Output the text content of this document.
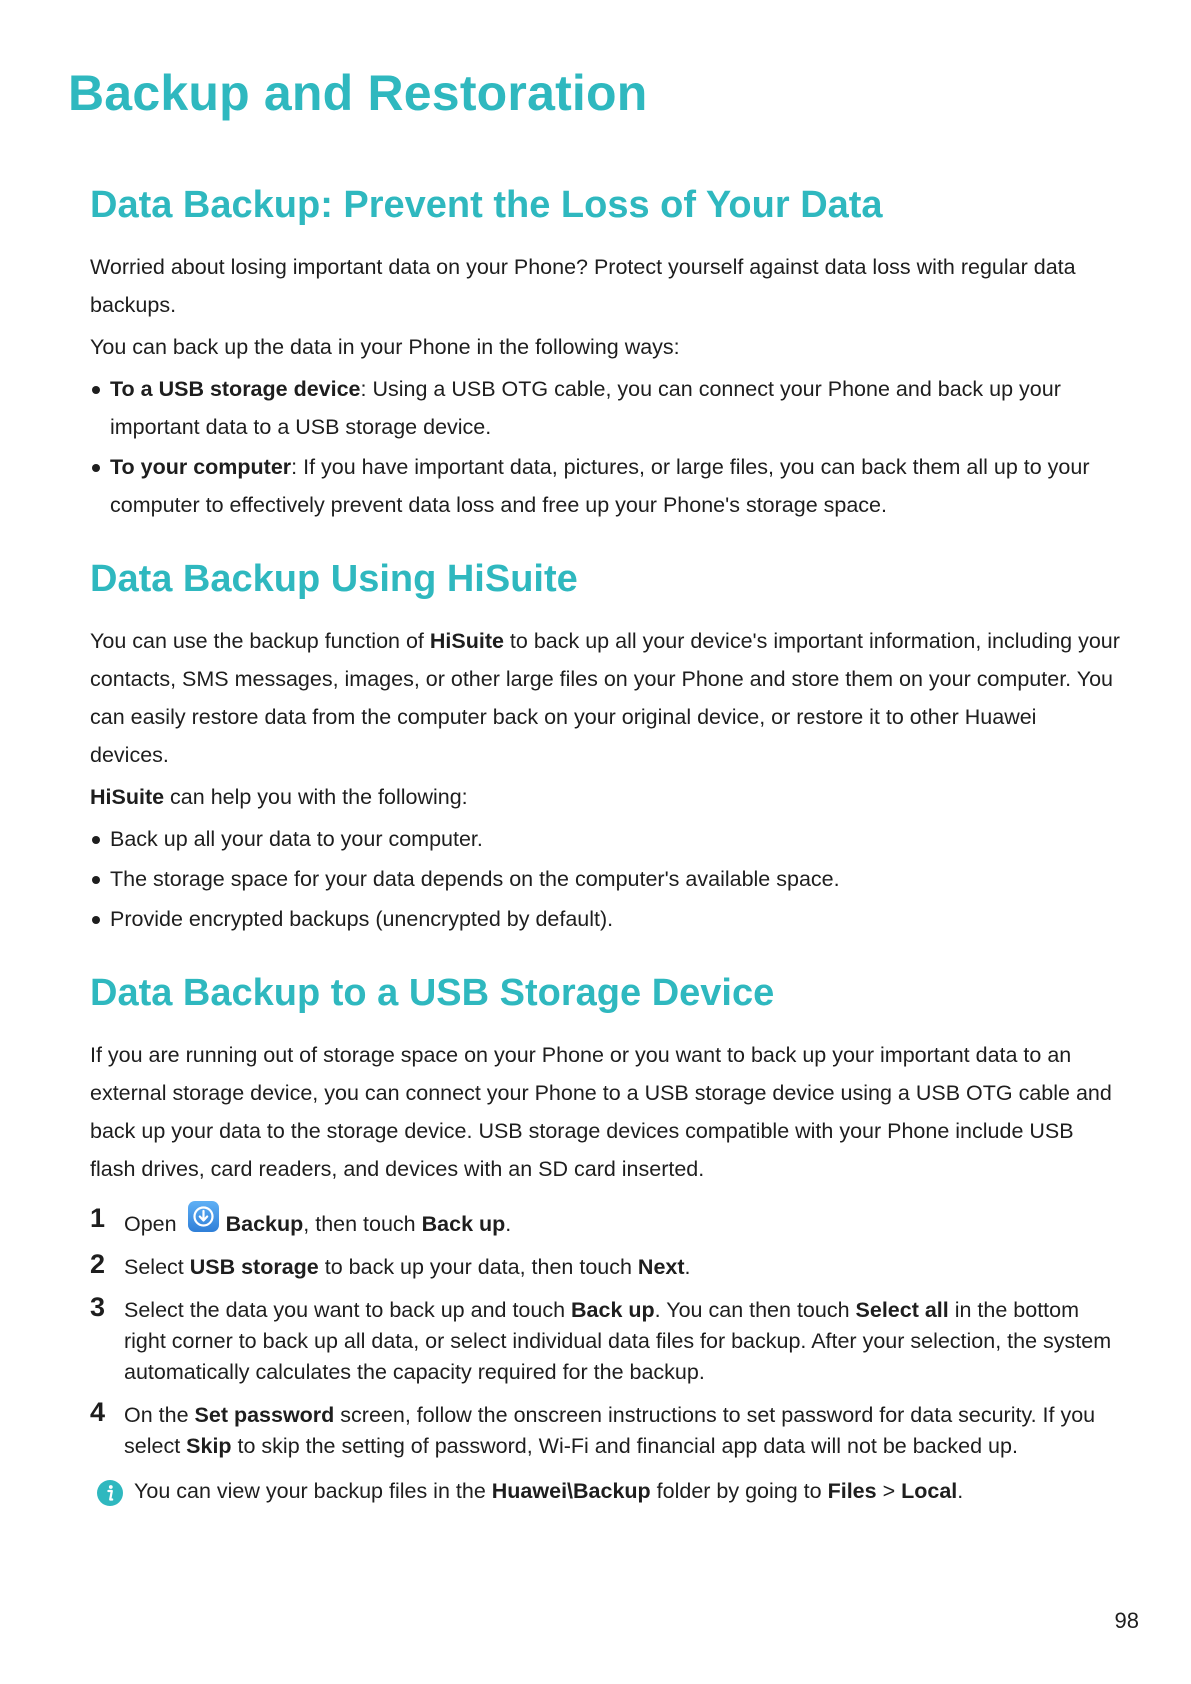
Backup and Restoration
Data Backup: Prevent the Loss of Your Data

Worried about losing important data on your Phone? Protect yourself against data loss with regular data backups.

You can back up the data in your Phone in the following ways:

To a USB storage device: Using a USB OTG cable, you can connect your Phone and back up your important data to a USB storage device.
To your computer: If you have important data, pictures, or large files, you can back them all up to your computer to effectively prevent data loss and free up your Phone's storage space.
Data Backup Using HiSuite

You can use the backup function of HiSuite to back up all your device's important information, including your contacts, SMS messages, images, or other large files on your Phone and store them on your computer. You can easily restore data from the computer back on your original device, or restore it to other Huawei devices.

HiSuite can help you with the following:

Back up all your data to your computer.
The storage space for your data depends on the computer's available space.
Provide encrypted backups (unencrypted by default).
Data Backup to a USB Storage Device

If you are running out of storage space on your Phone or you want to back up your important data to an external storage device, you can connect your Phone to a USB storage device using a USB OTG cable and back up your data to the storage device. USB storage devices compatible with your Phone include USB flash drives, card readers, and devices with an SD card inserted.

1 Open Backup, then touch Back up.
2 Select USB storage to back up your data, then touch Next.
3 Select the data you want to back up and touch Back up. You can then touch Select all in the bottom right corner to back up all data, or select individual data files for backup. After your selection, the system automatically calculates the capacity required for the backup.
4 On the Set password screen, follow the onscreen instructions to set password for data security. If you select Skip to skip the setting of password, Wi-Fi and financial app data will not be backed up.
You can view your backup files in the Huawei\Backup folder by going to Files > Local.
98
